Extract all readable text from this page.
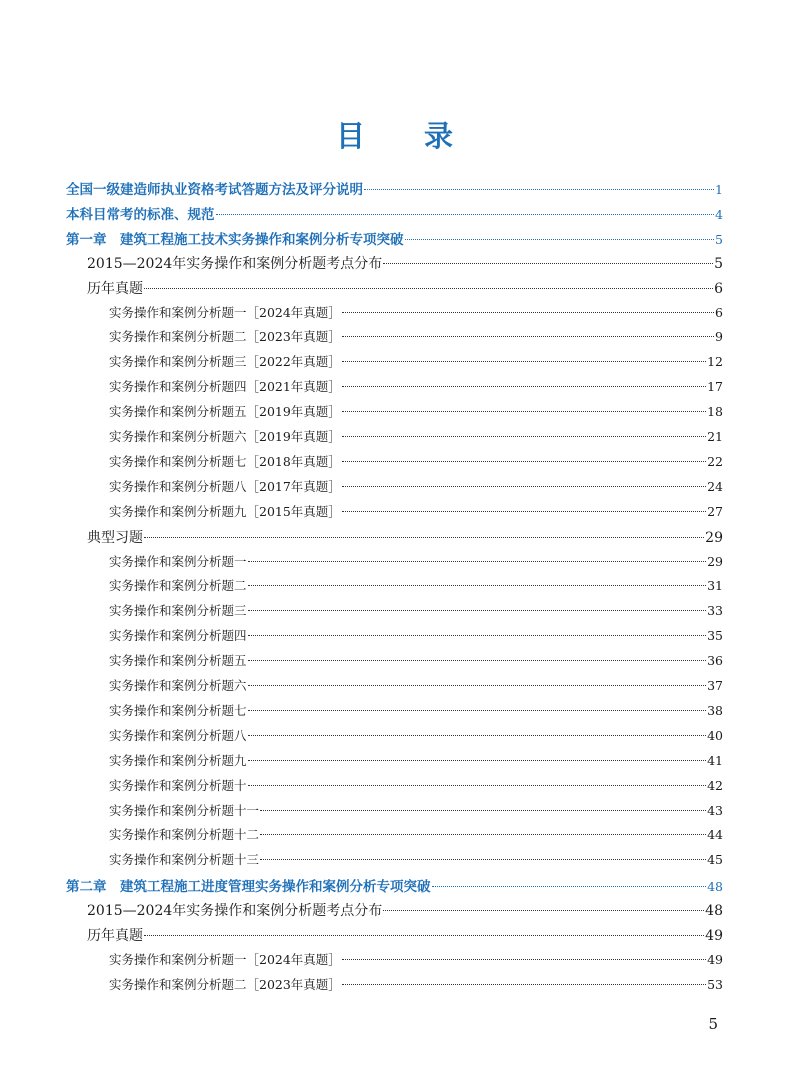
目 录
全国一级建造师执业资格考试答题方法及评分说明	1
本科目常考的标准、规范	4
第一章　建筑工程施工技术实务操作和案例分析专项突破	5
2015—2024年实务操作和案例分析题考点分布	5
历年真题	6
实务操作和案例分析题一［2024年真题］	6
实务操作和案例分析题二［2023年真题］	9
实务操作和案例分析题三［2022年真题］	12
实务操作和案例分析题四［2021年真题］	17
实务操作和案例分析题五［2019年真题］	18
实务操作和案例分析题六［2019年真题］	21
实务操作和案例分析题七［2018年真题］	22
实务操作和案例分析题八［2017年真题］	24
实务操作和案例分析题九［2015年真题］	27
典型习题	29
实务操作和案例分析题一	29
实务操作和案例分析题二	31
实务操作和案例分析题三	33
实务操作和案例分析题四	35
实务操作和案例分析题五	36
实务操作和案例分析题六	37
实务操作和案例分析题七	38
实务操作和案例分析题八	40
实务操作和案例分析题九	41
实务操作和案例分析题十	42
实务操作和案例分析题十一	43
实务操作和案例分析题十二	44
实务操作和案例分析题十三	45
第二章　建筑工程施工进度管理实务操作和案例分析专项突破	48
2015—2024年实务操作和案例分析题考点分布	48
历年真题	49
实务操作和案例分析题一［2024年真题］	49
实务操作和案例分析题二［2023年真题］	53
5
